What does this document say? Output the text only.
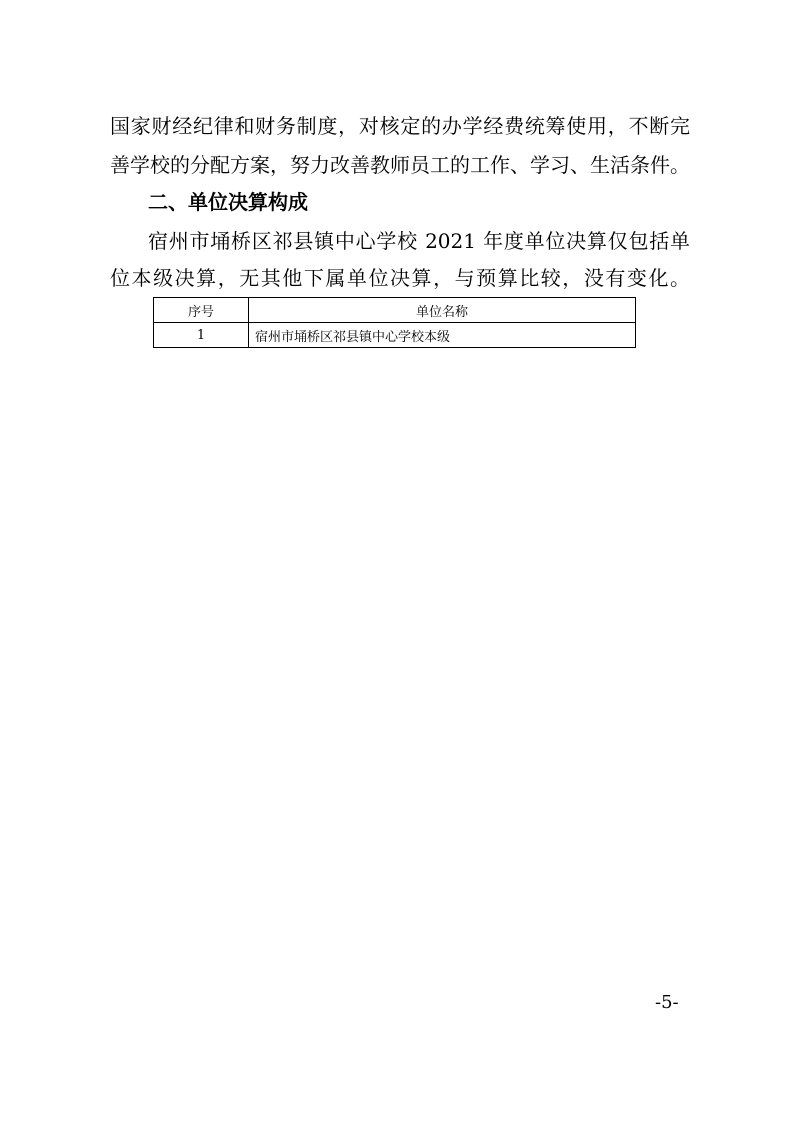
国家财经纪律和财务制度，对核定的办学经费统筹使用，不断完
善学校的分配方案，努力改善教师员工的工作、学习、生活条件。
二、单位决算构成
宿州市埇桥区祁县镇中心学校 2021 年度单位决算仅包括单
位本级决算，无其他下属单位决算，与预算比较，没有变化。
序号	单位名称
1	宿州市埇桥区祁县镇中心学校本级
-5-
